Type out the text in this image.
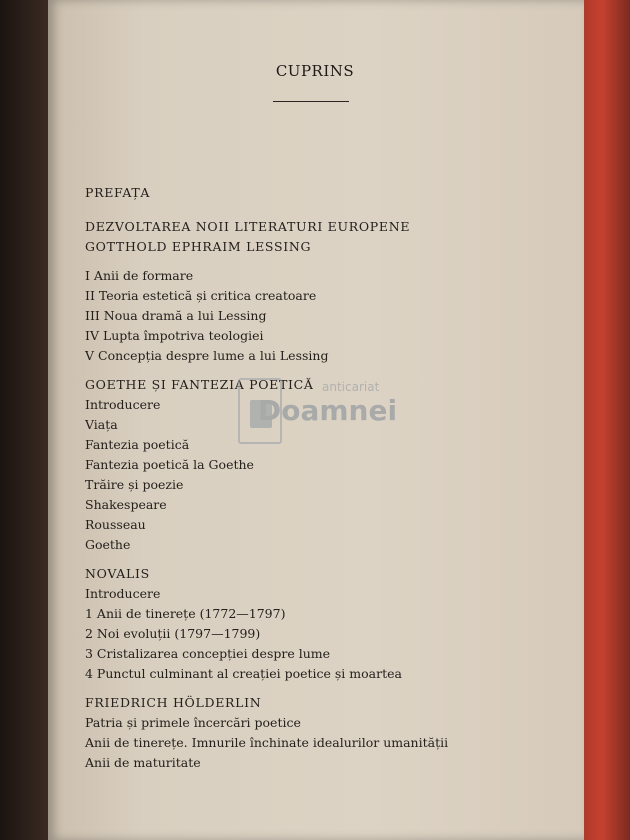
CUPRINS

PREFAȚA
DEZVOLTAREA NOII LITERATURI EUROPENE
GOTTHOLD EPHRAIM LESSING
I Anii de formare
II Teoria estetică și critica creatoare
III Noua dramă a lui Lessing
IV Lupta împotriva teologiei
V Concepția despre lume a lui Lessing
GOETHE ȘI FANTEZIA POETICĂ
Introducere
Viața
Fantezia poetică
Fantezia poetică la Goethe
Trăire și poezie
Shakespeare
Rousseau
Goethe
NOVALIS
Introducere
1 Anii de tinerețe (1772—1797)
2 Noi evoluții (1797—1799)
3 Cristalizarea concepției despre lume
4 Punctul culminant al creației poetice și moartea
FRIEDRICH HÖLDERLIN
Patria și primele încercări poetice
Anii de tinerețe. Imnurile închinate idealurilor umanității
Anii de maturitate
anticariat
Doamnei
